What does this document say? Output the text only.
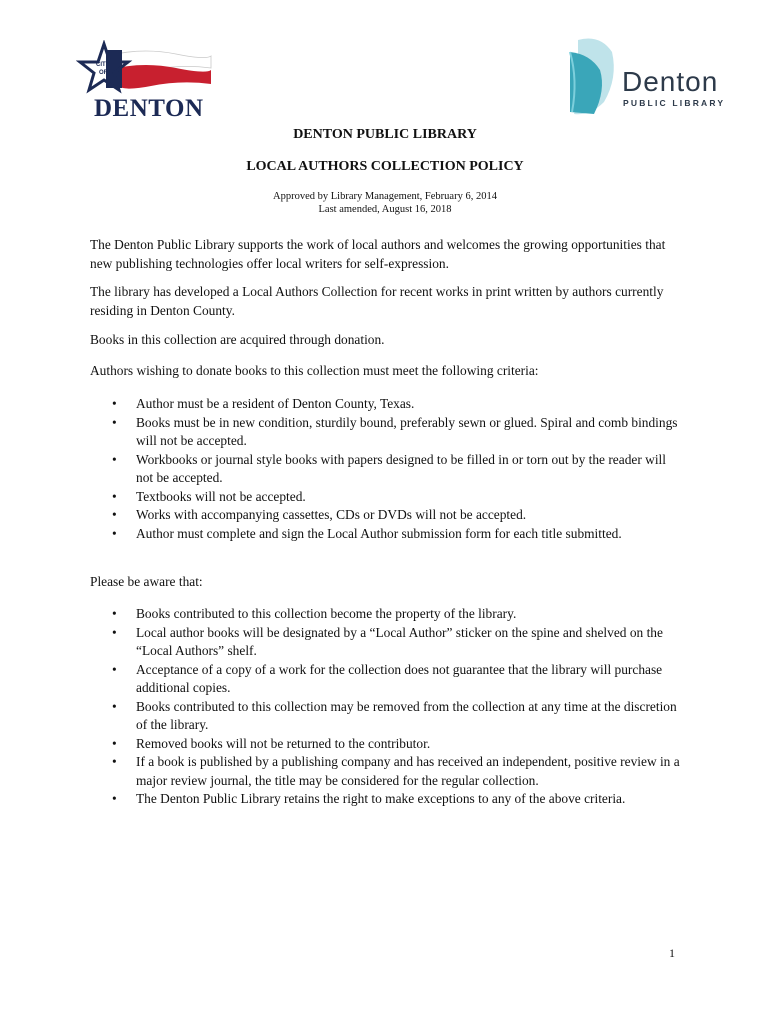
CITY
OF
DENTON
Denton
PUBLIC LIBRARY
DENTON PUBLIC LIBRARY
LOCAL AUTHORS COLLECTION POLICY
Approved by Library Management, February 6, 2014
Last amended, August 16, 2018

The Denton Public Library supports the work of local authors and welcomes the growing opportunities that new publishing technologies offer local writers for self-expression.

The library has developed a Local Authors Collection for recent works in print written by authors currently residing in Denton County.

Books in this collection are acquired through donation.

Authors wishing to donate books to this collection must meet the following criteria:

• Author must be a resident of Denton County, Texas.
• Books must be in new condition, sturdily bound, preferably sewn or glued. Spiral and comb bindings will not be accepted.
• Workbooks or journal style books with papers designed to be filled in or torn out by the reader will not be accepted.
• Textbooks will not be accepted.
• Works with accompanying cassettes, CDs or DVDs will not be accepted.
• Author must complete and sign the Local Author submission form for each title submitted.

Please be aware that:

• Books contributed to this collection become the property of the library.
• Local author books will be designated by a “Local Author” sticker on the spine and shelved on the “Local Authors” shelf.
• Acceptance of a copy of a work for the collection does not guarantee that the library will purchase additional copies.
• Books contributed to this collection may be removed from the collection at any time at the discretion of the library.
• Removed books will not be returned to the contributor.
• If a book is published by a publishing company and has received an independent, positive review in a major review journal, the title may be considered for the regular collection.
• The Denton Public Library retains the right to make exceptions to any of the above criteria.
1
